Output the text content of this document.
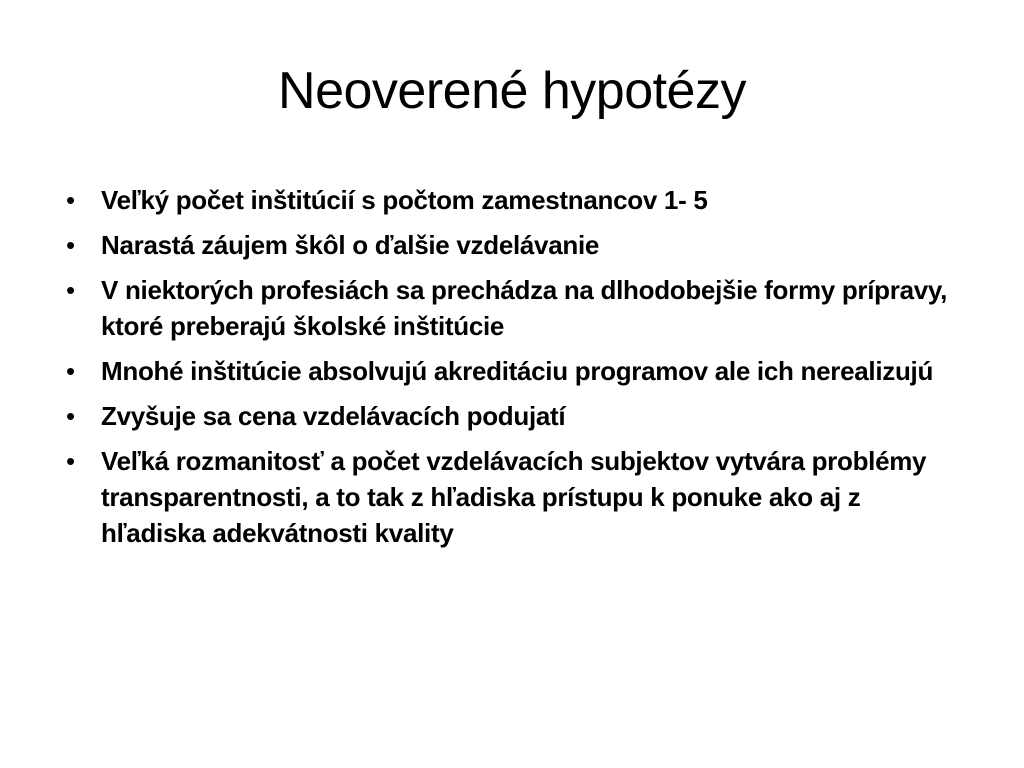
Neoverené hypotézy
• Veľký počet inštitúcií s počtom zamestnancov 1- 5
• Narastá záujem škôl o ďalšie vzdelávanie
• V niektorých profesiách sa prechádza na dlhodobejšie formy prípravy, ktoré preberajú školské inštitúcie
• Mnohé inštitúcie absolvujú akreditáciu programov ale ich nerealizujú
• Zvyšuje sa cena vzdelávacích podujatí
• Veľká rozmanitosť a počet vzdelávacích subjektov vytvára problémy transparentnosti, a to tak z hľadiska prístupu k ponuke ako aj z hľadiska adekvátnosti kvality
